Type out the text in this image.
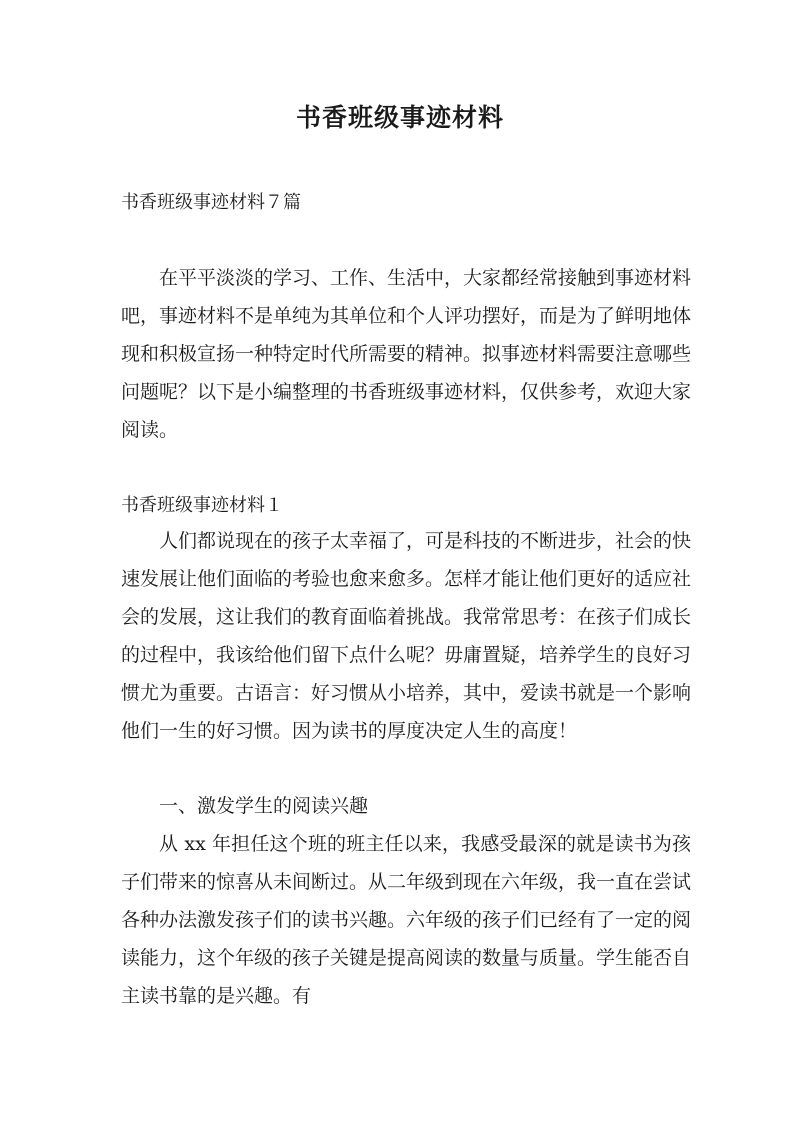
书香班级事迹材料
书香班级事迹材料７篇
在平平淡淡的学习、工作、生活中，大家都经常接触到事迹材料吧，事迹材料不是单纯为其单位和个人评功摆好，而是为了鲜明地体现和积极宣扬一种特定时代所需要的精神。拟事迹材料需要注意哪些问题呢？以下是小编整理的书香班级事迹材料，仅供参考，欢迎大家阅读。
书香班级事迹材料１
人们都说现在的孩子太幸福了，可是科技的不断进步，社会的快速发展让他们面临的考验也愈来愈多。怎样才能让他们更好的适应社会的发展，这让我们的教育面临着挑战。我常常思考：在孩子们成长的过程中，我该给他们留下点什么呢？毋庸置疑，培养学生的良好习惯尤为重要。古语言：好习惯从小培养，其中，爱读书就是一个影响他们一生的好习惯。因为读书的厚度决定人生的高度！
一、激发学生的阅读兴趣
从 xx 年担任这个班的班主任以来，我感受最深的就是读书为孩子们带来的惊喜从未间断过。从二年级到现在六年级，我一直在尝试各种办法激发孩子们的读书兴趣。六年级的孩子们已经有了一定的阅读能力，这个年级的孩子关键是提高阅读的数量与质量。学生能否自主读书靠的是兴趣。有
